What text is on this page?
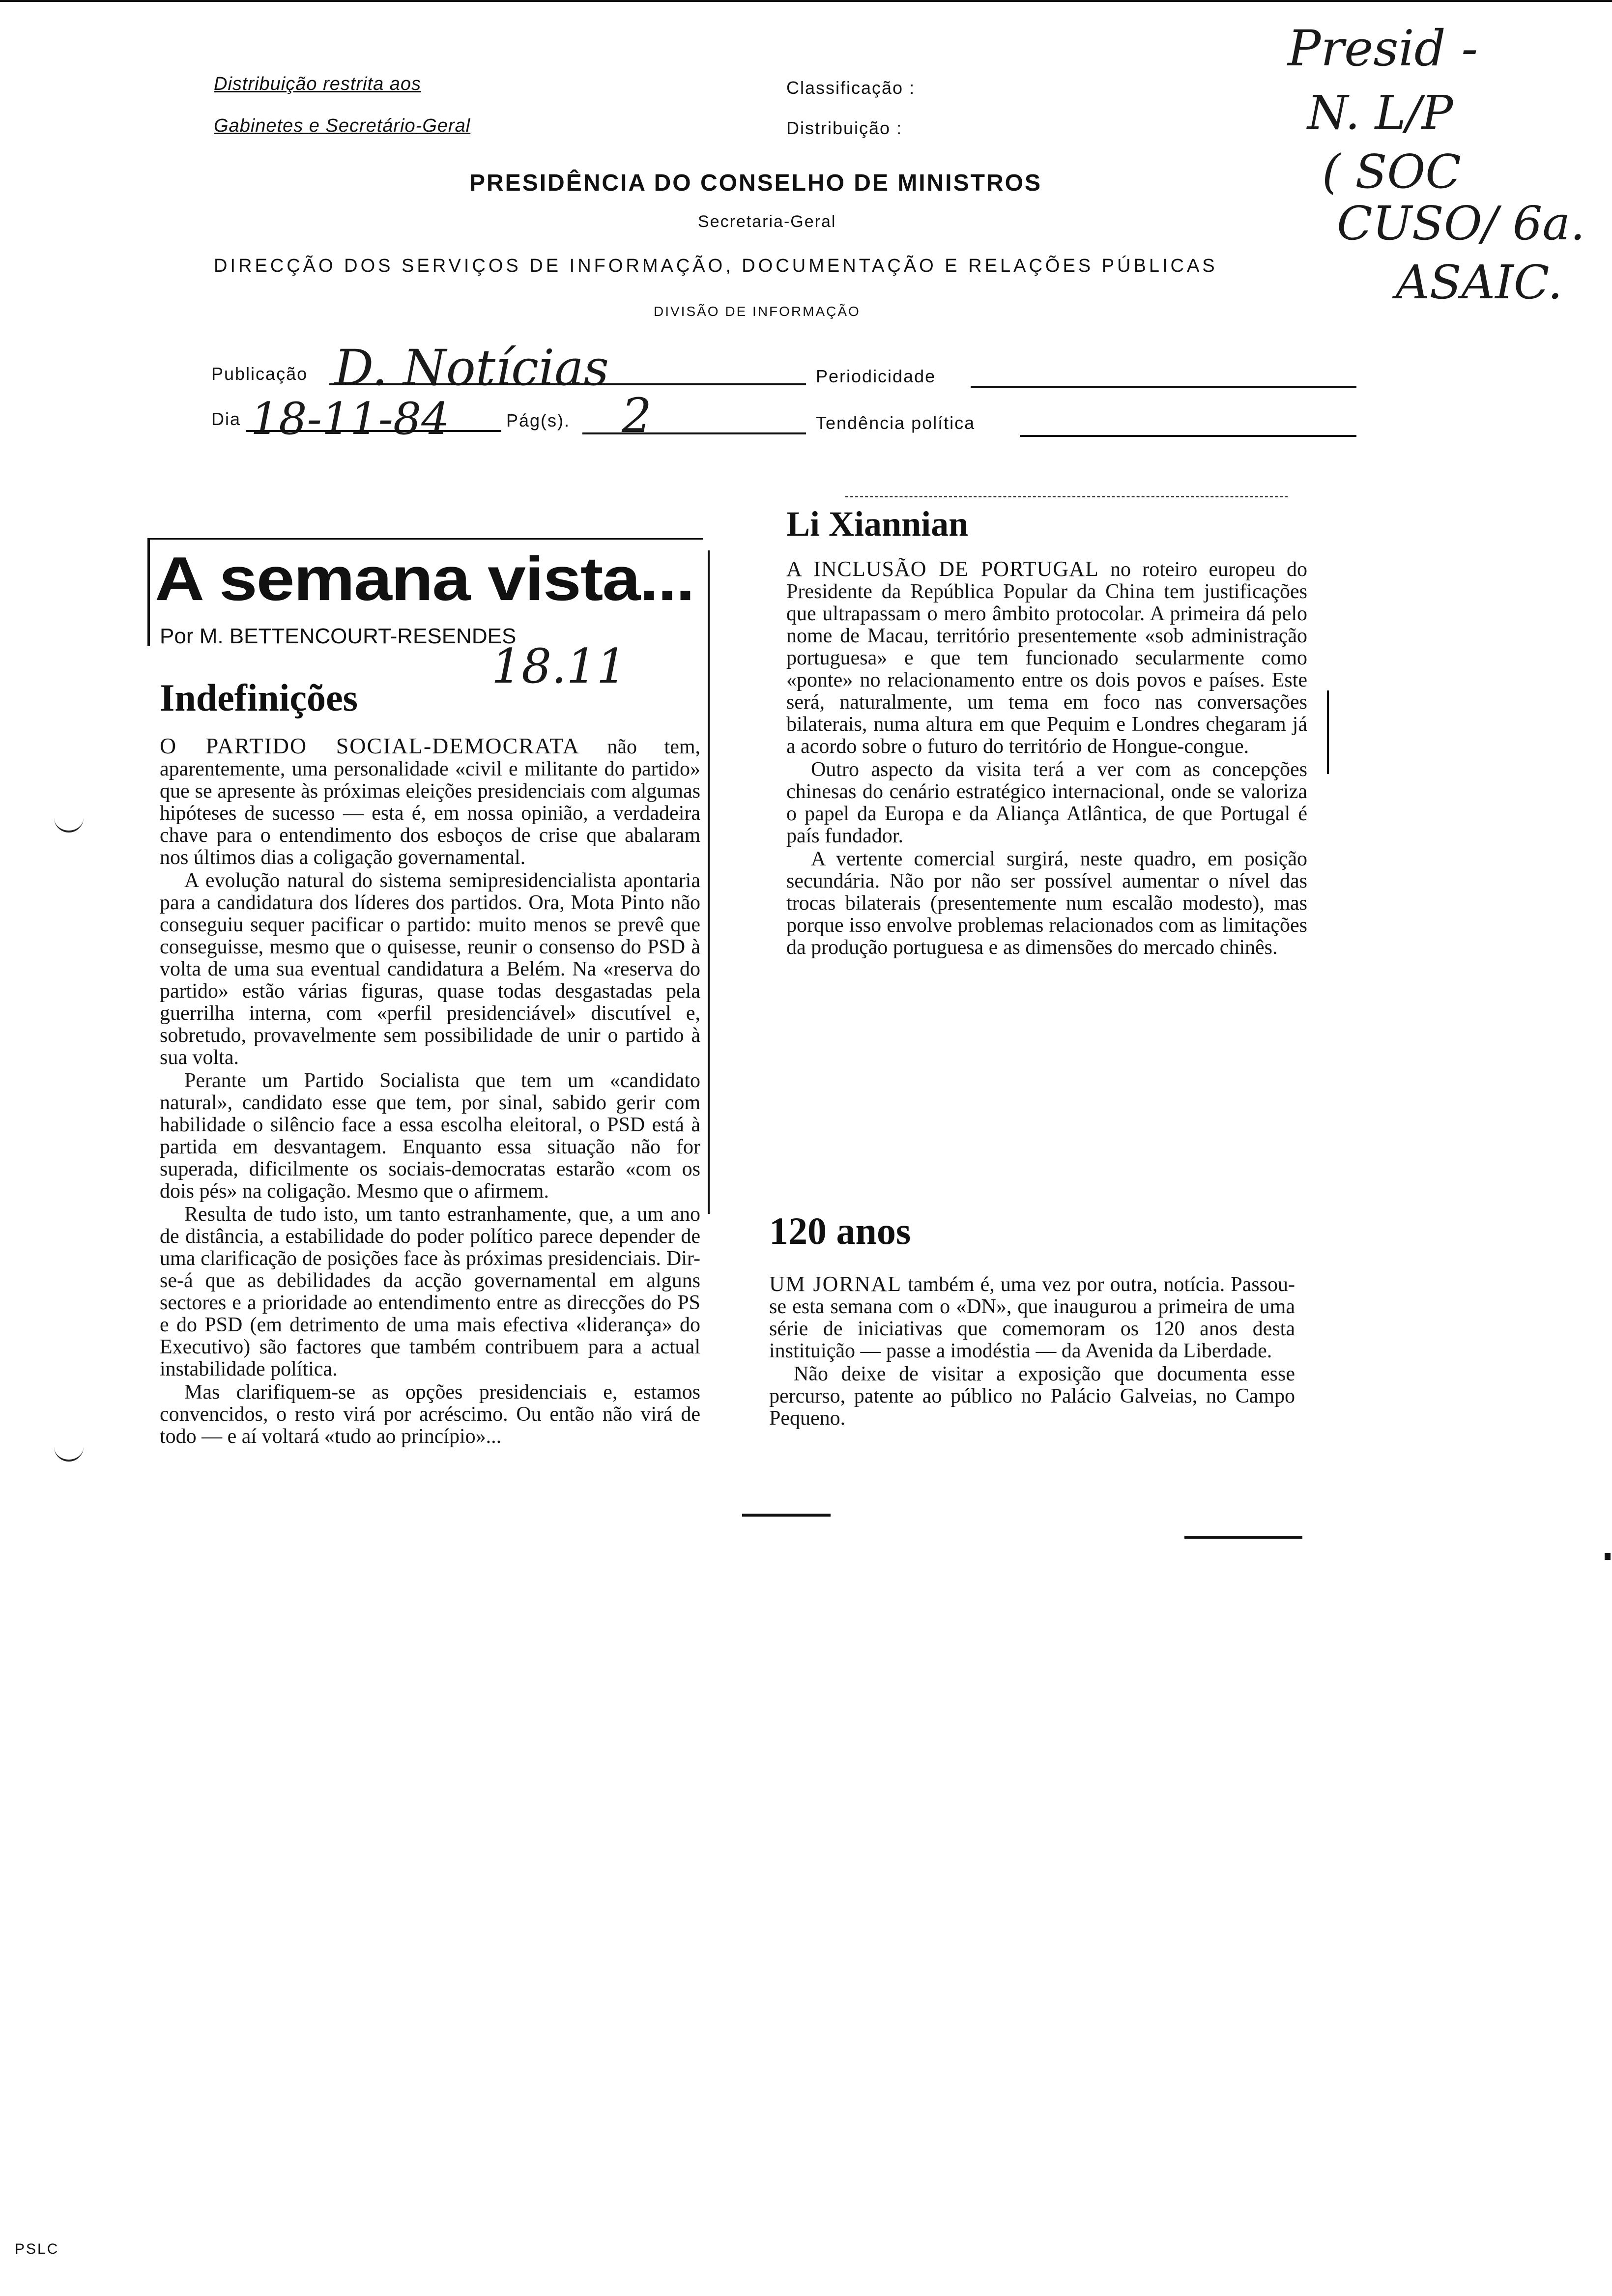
Distribuição restrita aos
Gabinetes e Secretário-Geral
Classificação :
Distribuição :
PRESIDÊNCIA DO CONSELHO DE MINISTROS
Secretaria-Geral
DIRECÇÃO DOS SERVIÇOS DE INFORMAÇÃO, DOCUMENTAÇÃO E RELAÇÕES PÚBLICAS
DIVISÃO DE INFORMAÇÃO
Publicação D. Notícias	Periodicidade
Dia 18-11-84	Pág(s). 2	Tendência política
Presid -
N. L/P
( SOC
CUSO/ 6a.
ASAIC.
A semana vista...
Por M. BETTENCOURT-RESENDES
18.11
Indefinições

O PARTIDO SOCIAL-DEMOCRATA não tem, aparentemente, uma personalidade «civil e militante do partido» que se apresente às próximas eleições presidenciais com algumas hipóteses de sucesso — esta é, em nossa opinião, a verdadeira chave para o entendimento dos esboços de crise que abalaram nos últimos dias a coligação governamental.

A evolução natural do sistema semipresidencialista apontaria para a candidatura dos líderes dos partidos. Ora, Mota Pinto não conseguiu sequer pacificar o partido: muito menos se prevê que conseguisse, mesmo que o quisesse, reunir o consenso do PSD à volta de uma sua eventual candidatura a Belém. Na «reserva do partido» estão várias figuras, quase todas desgastadas pela guerrilha interna, com «perfil presidenciável» discutível e, sobretudo, provavelmente sem possibilidade de unir o partido à sua volta.

Perante um Partido Socialista que tem um «candidato natural», candidato esse que tem, por sinal, sabido gerir com habilidade o silêncio face a essa escolha eleitoral, o PSD está à partida em desvantagem. Enquanto essa situação não for superada, dificilmente os sociais-democratas estarão «com os dois pés» na coligação. Mesmo que o afirmem.

Resulta de tudo isto, um tanto estranhamente, que, a um ano de distância, a estabilidade do poder político parece depender de uma clarificação de posições face às próximas presidenciais. Dir-se-á que as debilidades da acção governamental em alguns sectores e a prioridade ao entendimento entre as direcções do PS e do PSD (em detrimento de uma mais efectiva «liderança» do Executivo) são factores que também contribuem para a actual instabilidade política.

Mas clarifiquem-se as opções presidenciais e, estamos convencidos, o resto virá por acréscimo. Ou então não virá de todo — e aí voltará «tudo ao princípio»...

Li Xiannian

A INCLUSÃO DE PORTUGAL no roteiro europeu do Presidente da República Popular da China tem justificações que ultrapassam o mero âmbito protocolar. A primeira dá pelo nome de Macau, território presentemente «sob administração portuguesa» e que tem funcionado secularmente como «ponte» no relacionamento entre os dois povos e países. Este será, naturalmente, um tema em foco nas conversações bilaterais, numa altura em que Pequim e Londres chegaram já a acordo sobre o futuro do território de Hongue-congue.

Outro aspecto da visita terá a ver com as concepções chinesas do cenário estratégico internacional, onde se valoriza o papel da Europa e da Aliança Atlântica, de que Portugal é país fundador.

A vertente comercial surgirá, neste quadro, em posição secundária. Não por não ser possível aumentar o nível das trocas bilaterais (presentemente num escalão modesto), mas porque isso envolve problemas relacionados com as limitações da produção portuguesa e as dimensões do mercado chinês.

120 anos

UM JORNAL também é, uma vez por outra, notícia. Passou-se esta semana com o «DN», que inaugurou a primeira de uma série de iniciativas que comemoram os 120 anos desta instituição — passe a imodéstia — da Avenida da Liberdade.

Não deixe de visitar a exposição que documenta esse percurso, patente ao público no Palácio Galveias, no Campo Pequeno.

PSLC
